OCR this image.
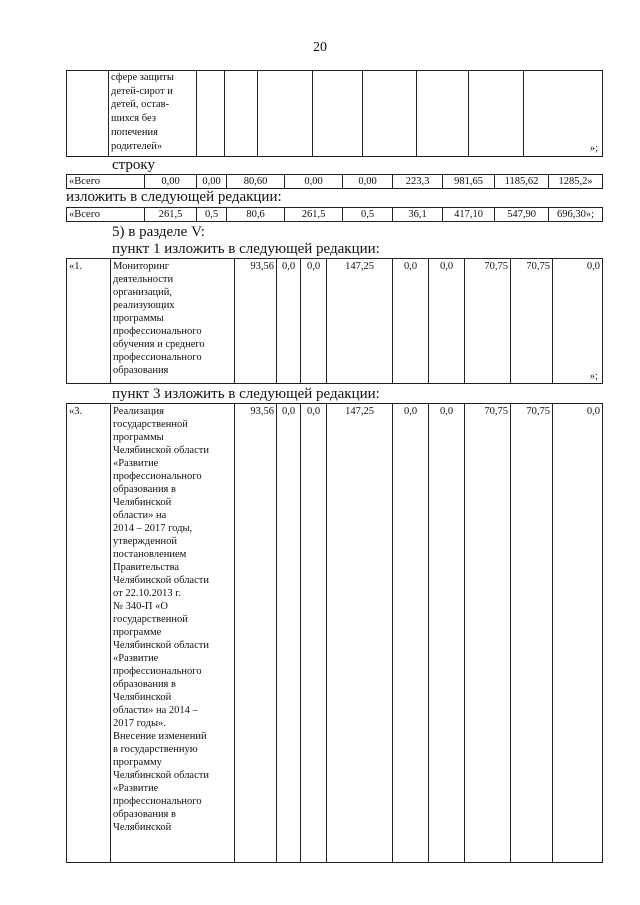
20

сфере защиты
детей-сирот и
детей, остав-
шихся без
попечения
родителей»								»;
строку
«Всего	0,00	0,00	80,60	0,00	0,00	223,3	981,65	1185,62	1285,2»
изложить в следующей редакции:
«Всего	261,5	0,5	80,6	261,5	0,5	36,1	417,10	547,90	696,30»;
5) в разделе V:
пункт 1 изложить в следующей редакции:
«1.	Мониторинг
деятельности
организаций,
реализующих
программы
профессионального
обучения и среднего
профессионального
образования
	93,56	0,0	0,0	147,25	0,0	0,0	70,75	70,75	0,0
»;
пункт 3 изложить в следующей редакции:
«3.	Реализация
государственной
программы
Челябинской области
«Развитие
профессионального
образования в
Челябинской
области» на
2014 – 2017 годы,
утвержденной
постановлением
Правительства
Челябинской области
от 22.10.2013 г.
№ 340-П «О
государственной
программе
Челябинской области
«Развитие
профессионального
образования в
Челябинской
области» на 2014 –
2017 годы».
Внесение изменений
в государственную
программу
Челябинской области
«Развитие
профессионального
образования в
Челябинской
	93,56	0,0	0,0	147,25	0,0	0,0	70,75	70,75	0,0
